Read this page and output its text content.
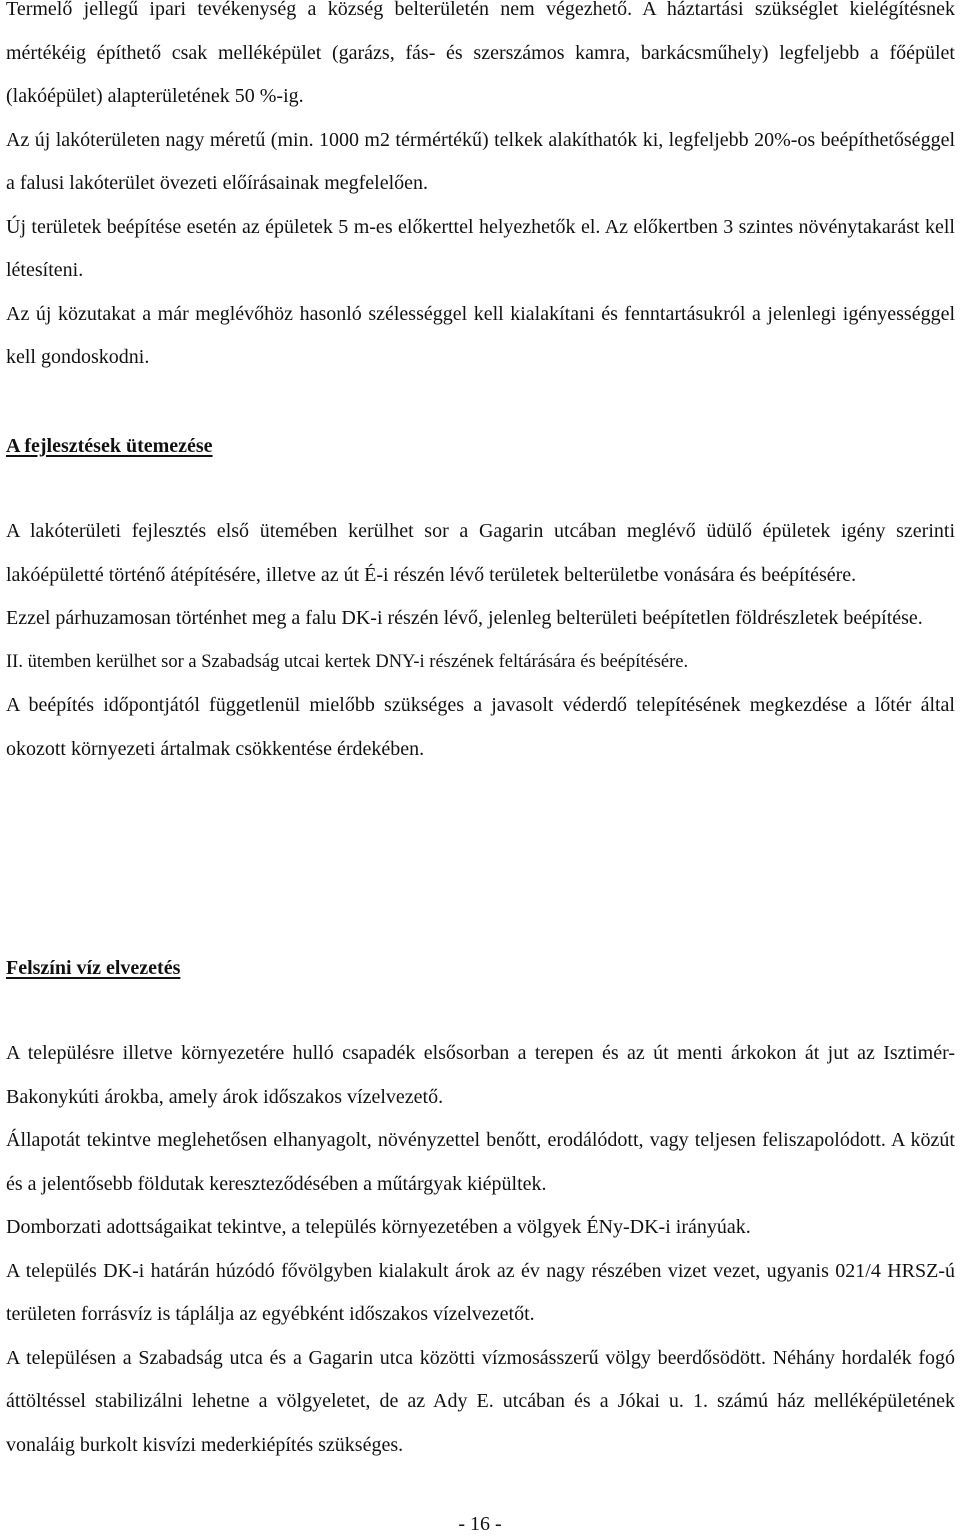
Termelő jellegű ipari tevékenység a község belterületén nem végezhető. A háztartási szükséglet kielégítésnek mértékéig építhető csak melléképület (garázs, fás- és szerszámos kamra, barkácsműhely) legfeljebb a főépület (lakóépület) alapterületének 50 %-ig.

Az új lakóterületen nagy méretű (min. 1000 m2 térmértékű) telkek alakíthatók ki, legfeljebb 20%-os beépíthetőséggel a falusi lakóterület övezeti előírásainak megfelelően.

Új területek beépítése esetén az épületek 5 m-es előkerttel helyezhetők el. Az előkertben 3 szintes növénytakarást kell létesíteni.

Az új közutakat a már meglévőhöz hasonló szélességgel kell kialakítani és fenntartásukról a jelenlegi igényességgel kell gondoskodni.

A fejlesztések ütemezése

A lakóterületi fejlesztés első ütemében kerülhet sor a Gagarin utcában meglévő üdülő épületek igény szerinti lakóépületté történő átépítésére, illetve az út É-i részén lévő területek belterületbe vonására és beépítésére.

Ezzel párhuzamosan történhet meg a falu DK-i részén lévő, jelenleg belterületi beépítetlen földrészletek beépítése.

II. ütemben kerülhet sor a Szabadság utcai kertek DNY-i részének feltárására és beépítésére.

A beépítés időpontjától függetlenül mielőbb szükséges a javasolt véderdő telepítésének megkezdése a lőtér által okozott környezeti ártalmak csökkentése érdekében.

Felszíni víz elvezetés

A településre illetve környezetére hulló csapadék elsősorban a terepen és az út menti árkokon át jut az Isztimér-Bakonykúti árokba, amely árok időszakos vízelvezető.

Állapotát tekintve meglehetősen elhanyagolt, növényzettel benőtt, erodálódott, vagy teljesen feliszapolódott. A közút és a jelentősebb földutak kereszteződésében a műtárgyak kiépültek.

Domborzati adottságaikat tekintve, a település környezetében a völgyek ÉNy-DK-i irányúak.

A település DK-i határán húzódó fővölgyben kialakult árok az év nagy részében vizet vezet, ugyanis 021/4 HRSZ-ú területen forrásvíz is táplálja az egyébként időszakos vízelvezetőt.

A településen a Szabadság utca és a Gagarin utca közötti vízmosásszerű völgy beerdősödött. Néhány hordalék fogó áttöltéssel stabilizálni lehetne a völgyeletet, de az Ady E. utcában és a Jókai u. 1. számú ház melléképületének vonaláig burkolt kisvízi mederkiépítés szükséges.

- 16 -
